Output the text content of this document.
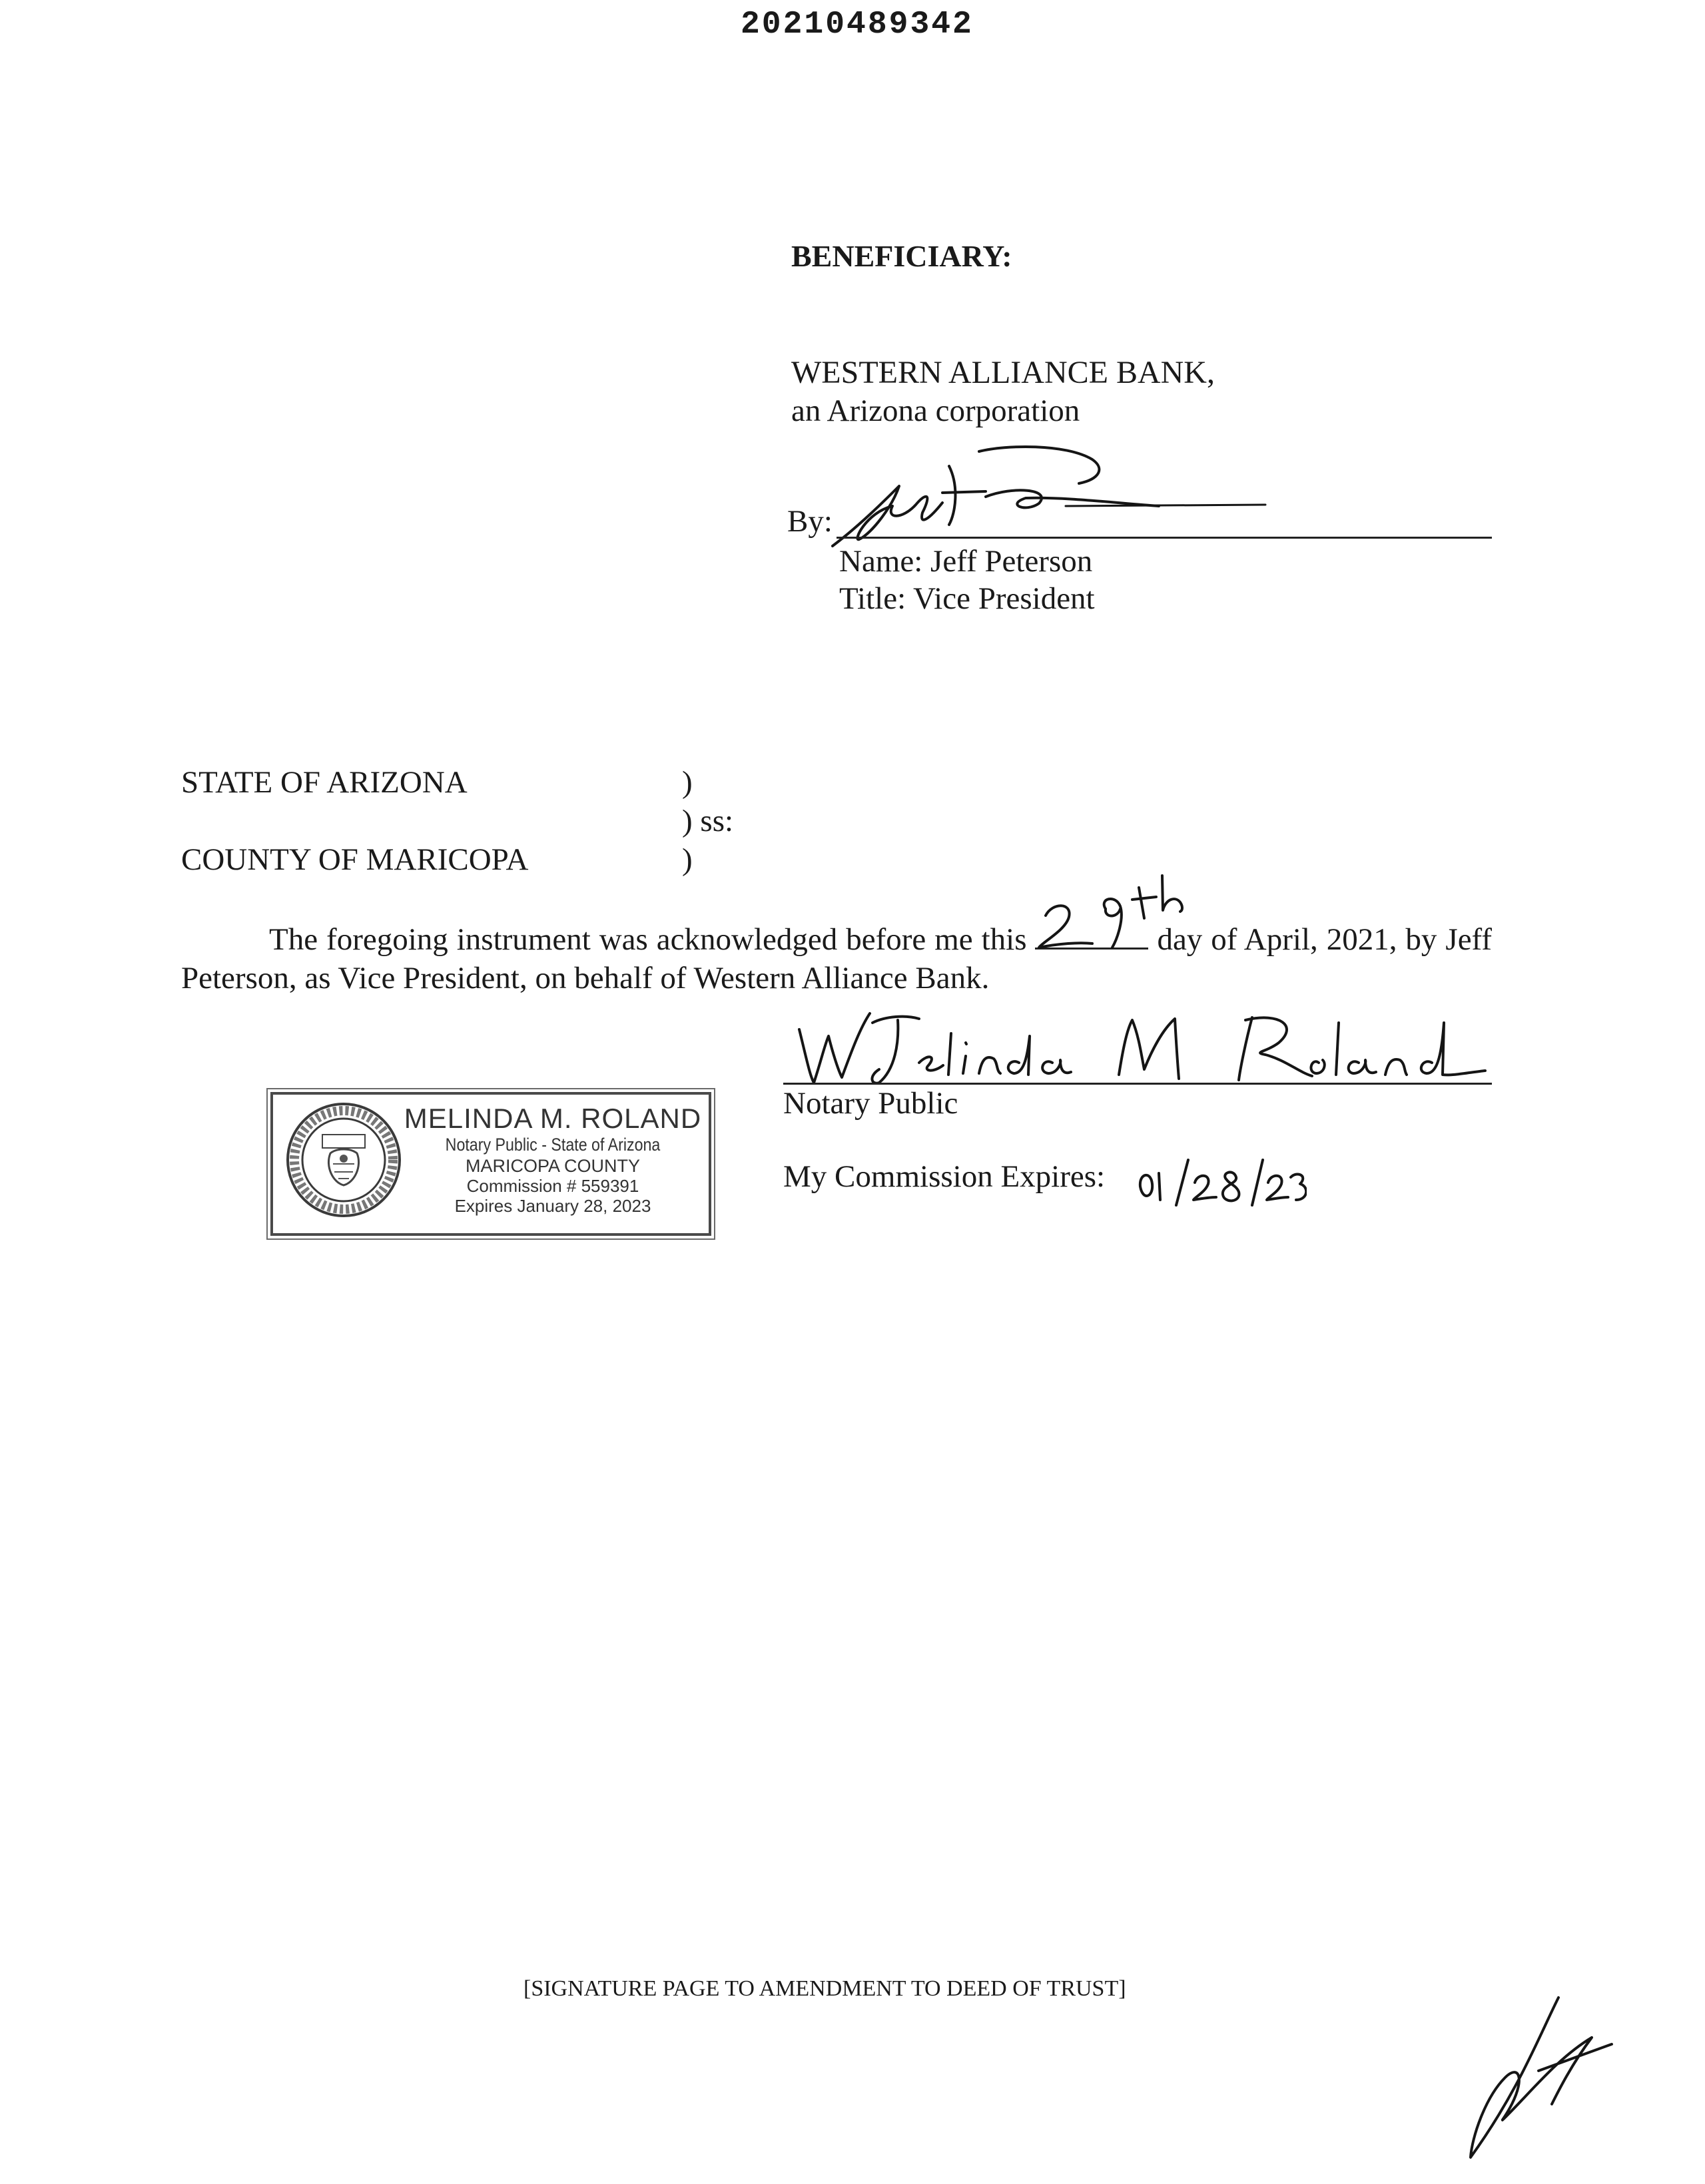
20210489342
BENEFICIARY:
WESTERN ALLIANCE BANK,
an Arizona corporation
By:
Name: Jeff Peterson
Title: Vice President
STATE OF ARIZONA
COUNTY OF MARICOPA
)
) ss:
)
The foregoing instrument was acknowledged before me this	day of April, 2021, by Jeff Peterson, as Vice President, on behalf of Western Alliance Bank.
Notary Public
My Commission Expires:
MELINDA M. ROLAND
Notary Public - State of Arizona
MARICOPA COUNTY
Commission # 559391
Expires January 28, 2023
[SIGNATURE PAGE TO AMENDMENT TO DEED OF TRUST]
